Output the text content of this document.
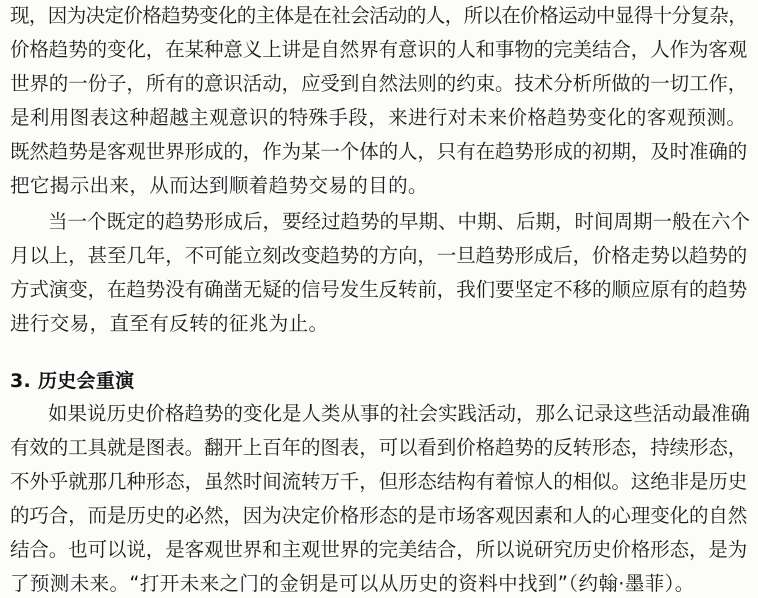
现，因为决定价格趋势变化的主体是在社会活动的人，所以在价格运动中显得十分复杂，
价格趋势的变化，在某种意义上讲是自然界有意识的人和事物的完美结合，人作为客观
世界的一份子，所有的意识活动，应受到自然法则的约束。技术分析所做的一切工作，
是利用图表这种超越主观意识的特殊手段，来进行对未来价格趋势变化的客观预测。
既然趋势是客观世界形成的，作为某一个体的人，只有在趋势形成的初期，及时准确的
把它揭示出来，从而达到顺着趋势交易的目的。
当一个既定的趋势形成后，要经过趋势的早期、中期、后期，时间周期一般在六个
月以上，甚至几年，不可能立刻改变趋势的方向，一旦趋势形成后，价格走势以趋势的
方式演变，在趋势没有确凿无疑的信号发生反转前，我们要坚定不移的顺应原有的趋势
进行交易，直至有反转的征兆为止。
3. 历史会重演
如果说历史价格趋势的变化是人类从事的社会实践活动，那么记录这些活动最准确
有效的工具就是图表。翻开上百年的图表，可以看到价格趋势的反转形态，持续形态，
不外乎就那几种形态，虽然时间流转万千，但形态结构有着惊人的相似。这绝非是历史
的巧合，而是历史的必然，因为决定价格形态的是市场客观因素和人的心理变化的自然
结合。也可以说，是客观世界和主观世界的完美结合，所以说研究历史价格形态，是为
了预测未来。“打开未来之门的金钥是可以从历史的资料中找到”（约翰·墨菲）。
